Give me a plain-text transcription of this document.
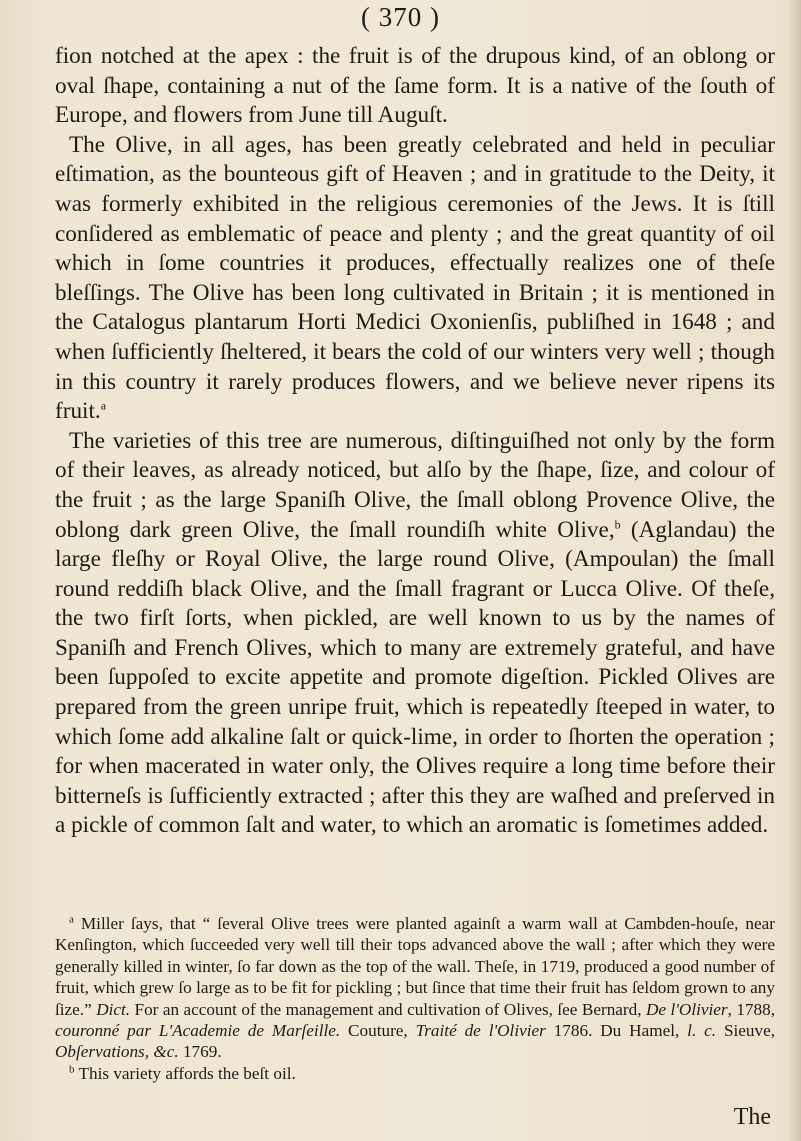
( 370 )

fion notched at the apex : the fruit is of the drupous kind, of an oblong or oval ſhape, containing a nut of the ſame form. It is a native of the ſouth of Europe, and flowers from June till Auguſt.

The Olive, in all ages, has been greatly celebrated and held in peculiar eſtimation, as the bounteous gift of Heaven ; and in gratitude to the Deity, it was formerly exhibited in the religious ceremonies of the Jews. It is ſtill conſidered as emblematic of peace and plenty ; and the great quantity of oil which in ſome countries it produces, effectually realizes one of theſe bleſſings. The Olive has been long cultivated in Britain ; it is mentioned in the Catalogus plantarum Horti Medici Oxonienſis, publiſhed in 1648 ; and when ſufficiently ſheltered, it bears the cold of our winters very well ; though in this country it rarely produces flowers, and we believe never ripens its fruit.$^a$

The varieties of this tree are numerous, diſtinguiſhed not only by the form of their leaves, as already noticed, but alſo by the ſhape, ſize, and colour of the fruit ; as the large Spaniſh Olive, the ſmall oblong Provence Olive, the oblong dark green Olive, the ſmall roundiſh white Olive,$^b$ (Aglandau) the large fleſhy or Royal Olive, the large round Olive, (Ampoulan) the ſmall round reddiſh black Olive, and the ſmall fragrant or Lucca Olive. Of theſe, the two firſt ſorts, when pickled, are well known to us by the names of Spaniſh and French Olives, which to many are extremely grateful, and have been ſuppoſed to excite appetite and promote digeſtion. Pickled Olives are prepared from the green unripe fruit, which is repeatedly ſteeped in water, to which ſome add alkaline ſalt or quick-lime, in order to ſhorten the operation ; for when macerated in water only, the Olives require a long time before their bitterneſs is ſufficiently extracted ; after this they are waſhed and preſerved in a pickle of common ſalt and water, to which an aromatic is ſometimes added.

$^a$ Miller ſays, that “ ſeveral Olive trees were planted againſt a warm wall at Cambden-houſe, near Kenſington, which ſucceeded very well till their tops advanced above the wall ; after which they were generally killed in winter, ſo far down as the top of the wall. Theſe, in 1719, produced a good number of fruit, which grew ſo large as to be fit for pickling ; but ſince that time their fruit has ſeldom grown to any ſize.” Dict. For an account of the management and cultivation of Olives, ſee Bernard, De l'Olivier, 1788, couronné par L'Academie de Marſeille. Couture, Traité de l'Olivier 1786. Du Hamel, l. c. Sieuve, Obſervations, &c. 1769.

$^b$ This variety affords the beſt oil.

The
